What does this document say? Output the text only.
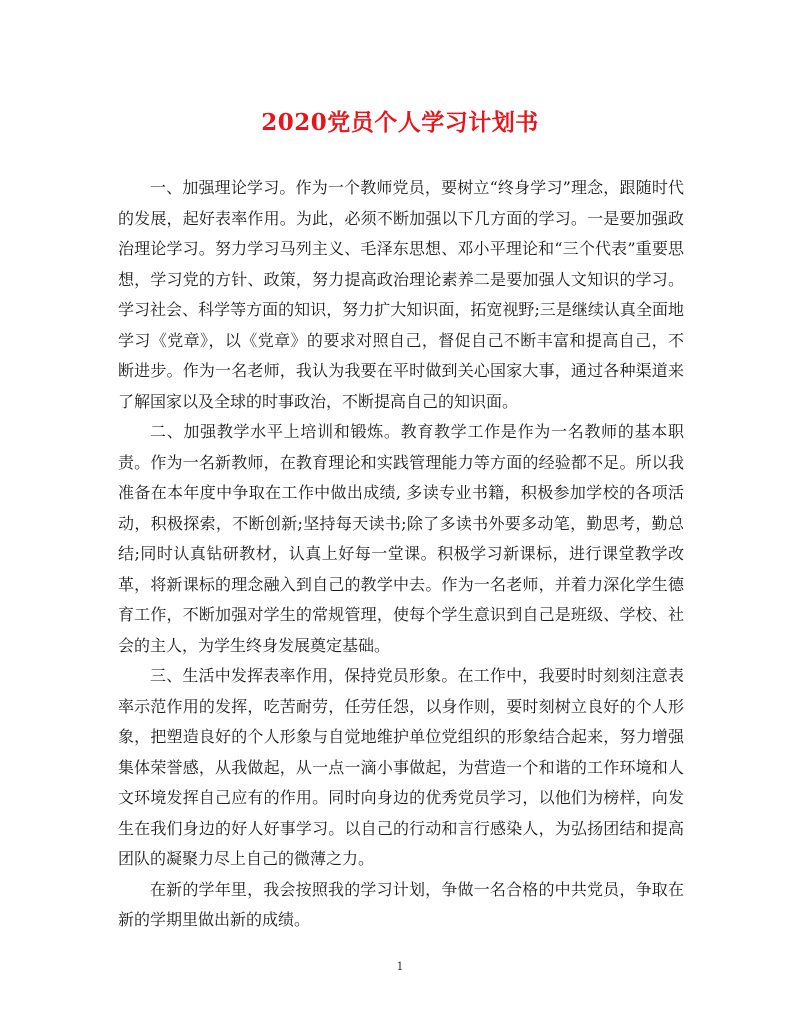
2020党员个人学习计划书

一、加强理论学习。作为一个教师党员，要树立“终身学习”理念，跟随时代的发展，起好表率作用。为此，必须不断加强以下几方面的学习。一是要加强政治理论学习。努力学习马列主义、毛泽东思想、邓小平理论和“三个代表”重要思想，学习党的方针、政策，努力提高政治理论素养二是要加强人文知识的学习。学习社会、科学等方面的知识，努力扩大知识面，拓宽视野;三是继续认真全面地学习《党章》，以《党章》的要求对照自己，督促自己不断丰富和提高自己，不断进步。作为一名老师，我认为我要在平时做到关心国家大事，通过各种渠道来了解国家以及全球的时事政治，不断提高自己的知识面。

二、加强教学水平上培训和锻炼。教育教学工作是作为一名教师的基本职责。作为一名新教师，在教育理论和实践管理能力等方面的经验都不足。所以我准备在本年度中争取在工作中做出成绩, 多读专业书籍，积极参加学校的各项活动，积极探索，不断创新;坚持每天读书;除了多读书外要多动笔，勤思考，勤总结;同时认真钻研教材，认真上好每一堂课。积极学习新课标，进行课堂教学改革，将新课标的理念融入到自己的教学中去。作为一名老师，并着力深化学生德育工作，不断加强对学生的常规管理，使每个学生意识到自己是班级、学校、社会的主人，为学生终身发展奠定基础。

三、生活中发挥表率作用，保持党员形象。在工作中，我要时时刻刻注意表率示范作用的发挥，吃苦耐劳，任劳任怨，以身作则，要时刻树立良好的个人形象，把塑造良好的个人形象与自觉地维护单位党组织的形象结合起来，努力增强集体荣誉感，从我做起，从一点一滴小事做起，为营造一个和谐的工作环境和人文环境发挥自己应有的作用。同时向身边的优秀党员学习，以他们为榜样，向发生在我们身边的好人好事学习。以自己的行动和言行感染人，为弘扬团结和提高团队的凝聚力尽上自己的微薄之力。

在新的学年里，我会按照我的学习计划，争做一名合格的中共党员，争取在新的学期里做出新的成绩。

1
